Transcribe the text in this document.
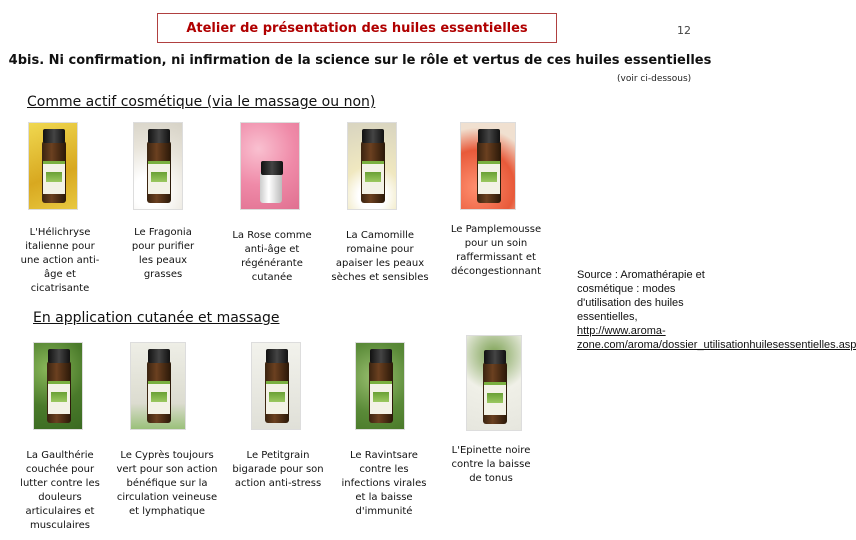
Atelier de présentation des huiles essentielles	12
4bis. Ni confirmation, ni infirmation de la science sur le rôle et vertus de ces huiles essentielles
(voir ci-dessous)
Comme actif cosmétique (via le massage ou non)
L'Hélichryse italienne pour une action anti-âge et cicatrisante
Le Fragonia pour purifier les peaux grasses
La Rose comme anti-âge et régénérante cutanée
La Camomille romaine pour apaiser les peaux sèches et sensibles
Le Pamplemousse pour un soin raffermissant et décongestionnant
En application cutanée et massage
La Gaulthérie couchée pour lutter contre les douleurs articulaires et musculaires
Le Cyprès toujours vert pour son action bénéfique sur la circulation veineuse et lymphatique
Le Petitgrain bigarade pour son action anti-stress
Le Ravintsare contre les infections virales et la baisse d'immunité
L'Epinette noire contre la baisse de tonus
Source : Aromathérapie et cosmétique : modes d'utilisation des huiles essentielles,
http://www.aroma-zone.com/aroma/dossier_utilisationhuilesessentielles.asp
